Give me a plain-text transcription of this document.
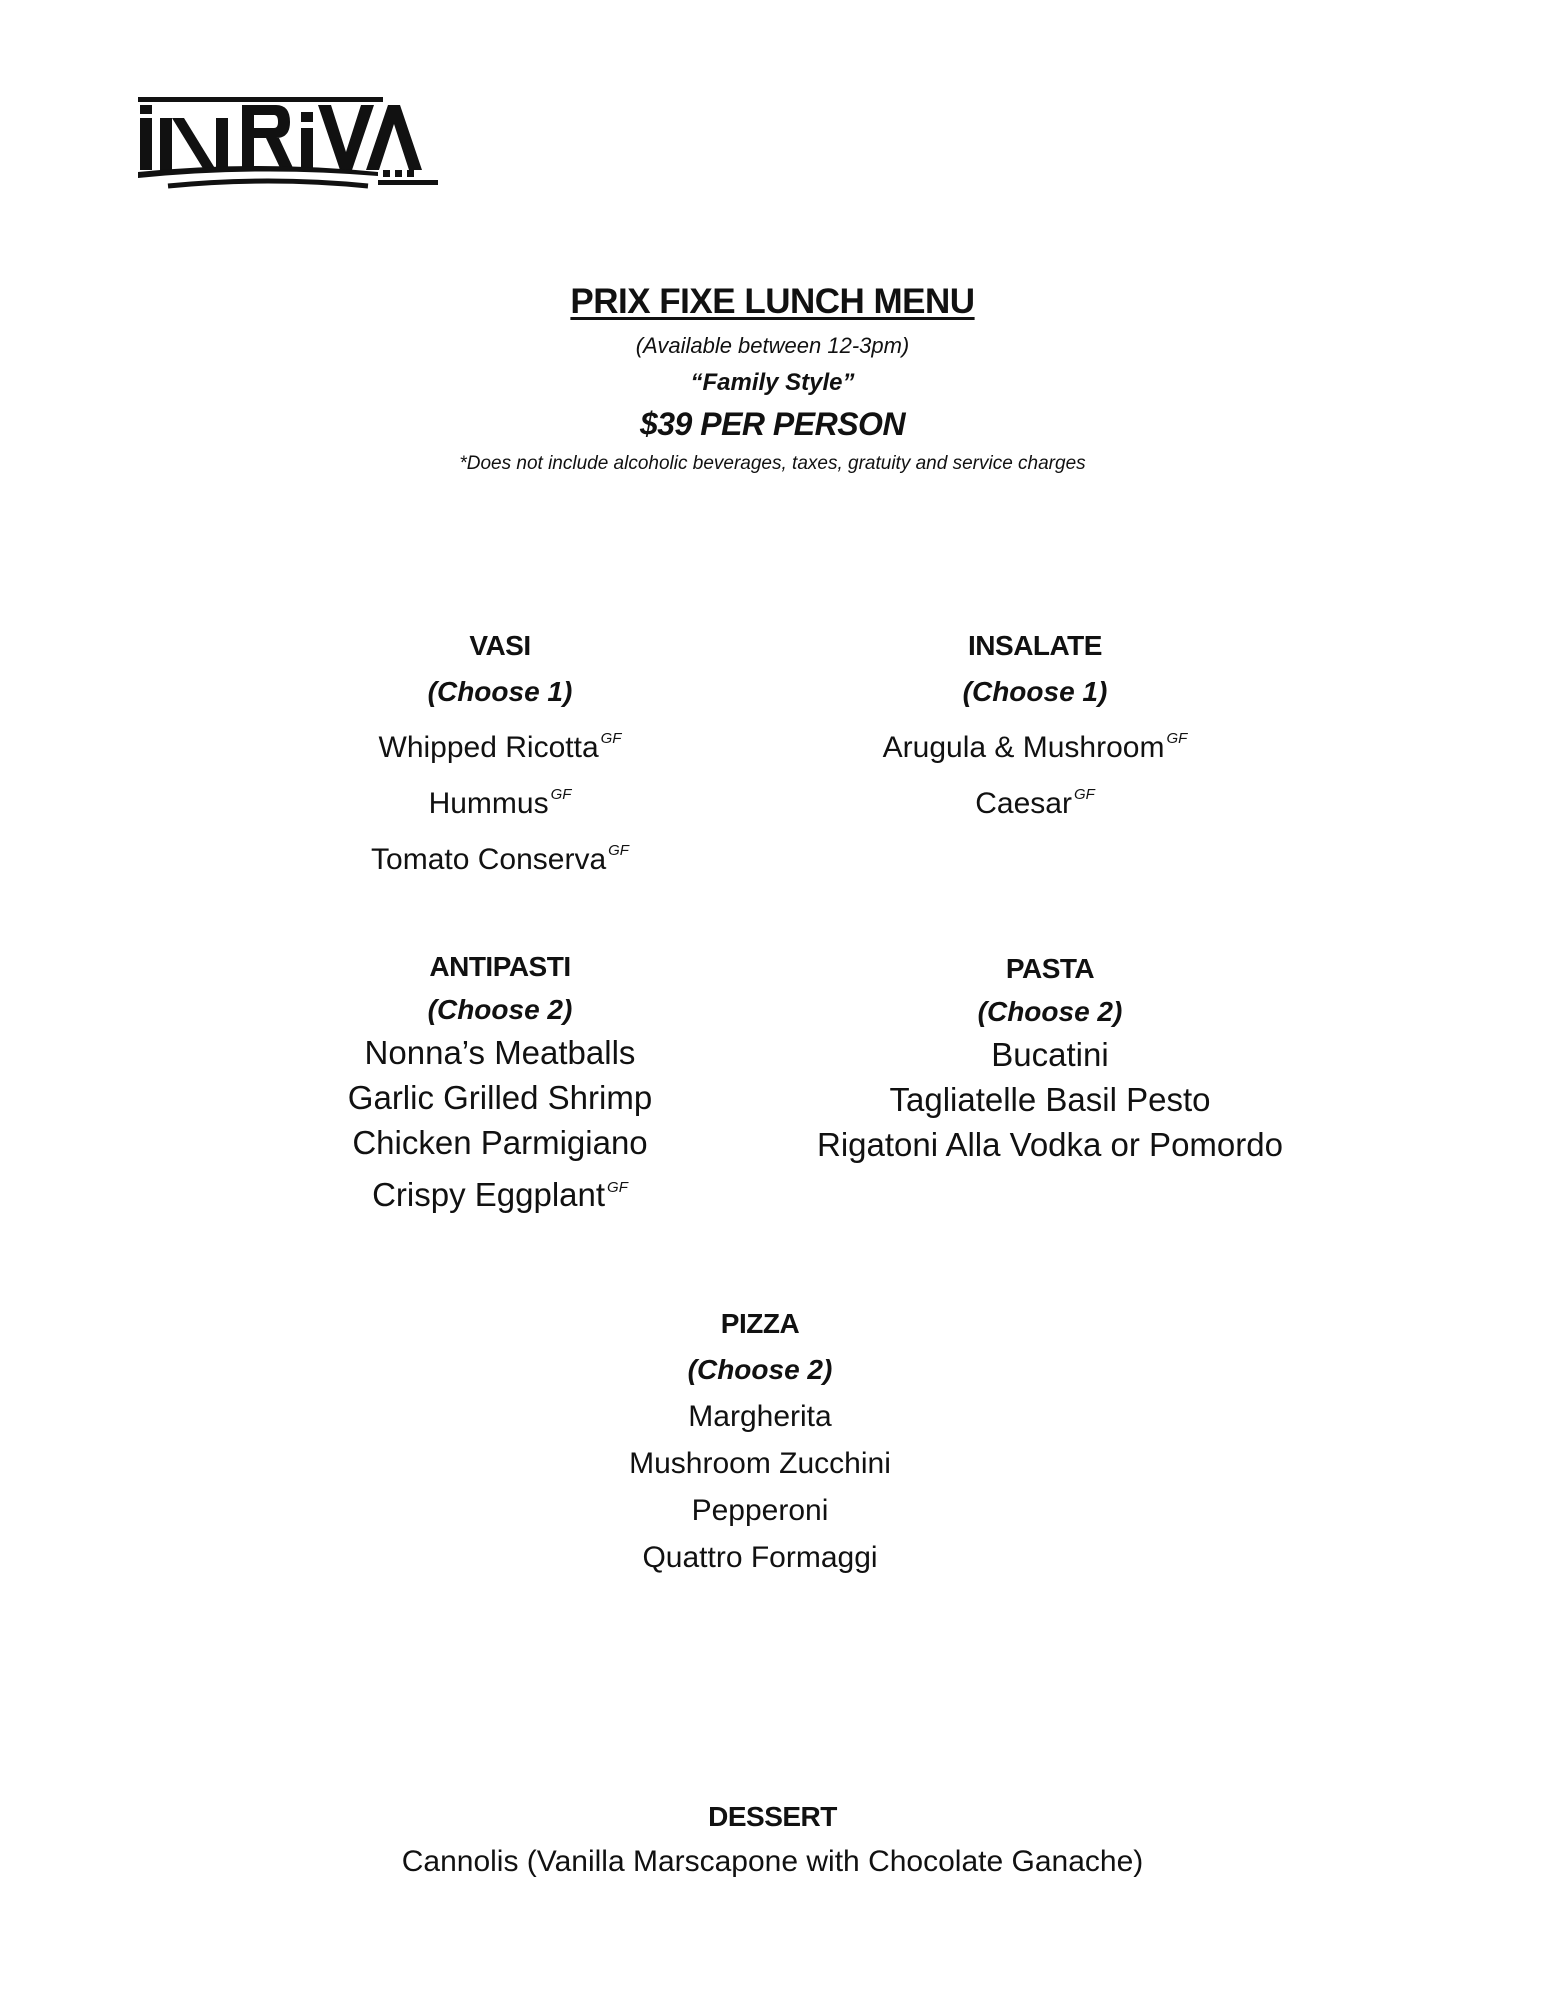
PRIX FIXE LUNCH MENU
(Available between 12-3pm)
“Family Style”
$39 PER PERSON
*Does not include alcoholic beverages, taxes, gratuity and service charges
VASI
(Choose 1)
Whipped Ricotta $^{GF}$
Hummus $^{GF}$
Tomato Conserva $^{GF}$
INSALATE
(Choose 1)
Arugula & Mushroom $^{GF}$
Caesar $^{GF}$
ANTIPASTI
(Choose 2)
Nonna’s Meatballs
Garlic Grilled Shrimp
Chicken Parmigiano
Crispy Eggplant $^{GF}$
PASTA
(Choose 2)
Bucatini
Tagliatelle Basil Pesto
Rigatoni Alla Vodka or Pomordo
PIZZA
(Choose 2)
Margherita
Mushroom Zucchini
Pepperoni
Quattro Formaggi
DESSERT
Cannolis (Vanilla Marscapone with Chocolate Ganache)
